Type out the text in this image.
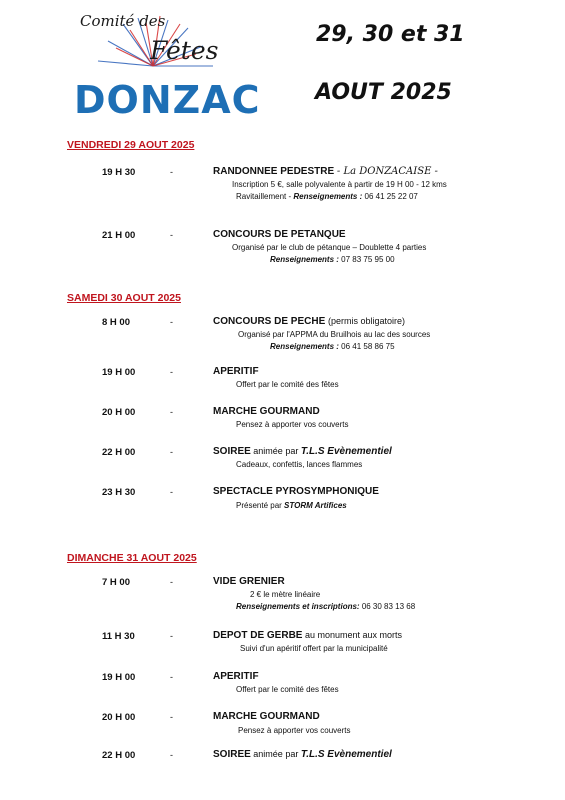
Comité des
Fêtes
DONZAC
29, 30 et 31
AOUT 2025
VENDREDI 29 AOUT 2025
19 H 30	-	RANDONNEE PEDESTRE - La DONZACAISE -
Inscription 5 €, salle polyvalente à partir de 19 H 00 - 12 kms
Ravitaillement - Renseignements : 06 41 25 22 07
21 H 00	-	CONCOURS DE PETANQUE
Organisé par le club de pétanque – Doublette 4 parties
Renseignements : 07 83 75 95 00
SAMEDI 30 AOUT 2025
8 H 00	-	CONCOURS DE PECHE (permis obligatoire)
Organisé par l'APPMA du Bruilhois au lac des sources
Renseignements : 06 41 58 86 75
19 H 00	-	APERITIF
Offert par le comité des fêtes
20 H 00	-	MARCHE GOURMAND
Pensez à apporter vos couverts
22 H 00	-	SOIREE animée par T.L.S Evènementiel
Cadeaux, confettis, lances flammes
23 H 30	-	SPECTACLE PYROSYMPHONIQUE
Présenté par STORM Artifices
DIMANCHE 31 AOUT 2025
7 H 00	-	VIDE GRENIER
2 € le mètre linéaire
Renseignements et inscriptions: 06 30 83 13 68
11 H 30	-	DEPOT DE GERBE au monument aux morts
Suivi d'un apéritif offert par la municipalité
19 H 00	-	APERITIF
Offert par le comité des fêtes
20 H 00	-	MARCHE GOURMAND
Pensez à apporter vos couverts
22 H 00	-	SOIREE animée par T.L.S Evènementiel
